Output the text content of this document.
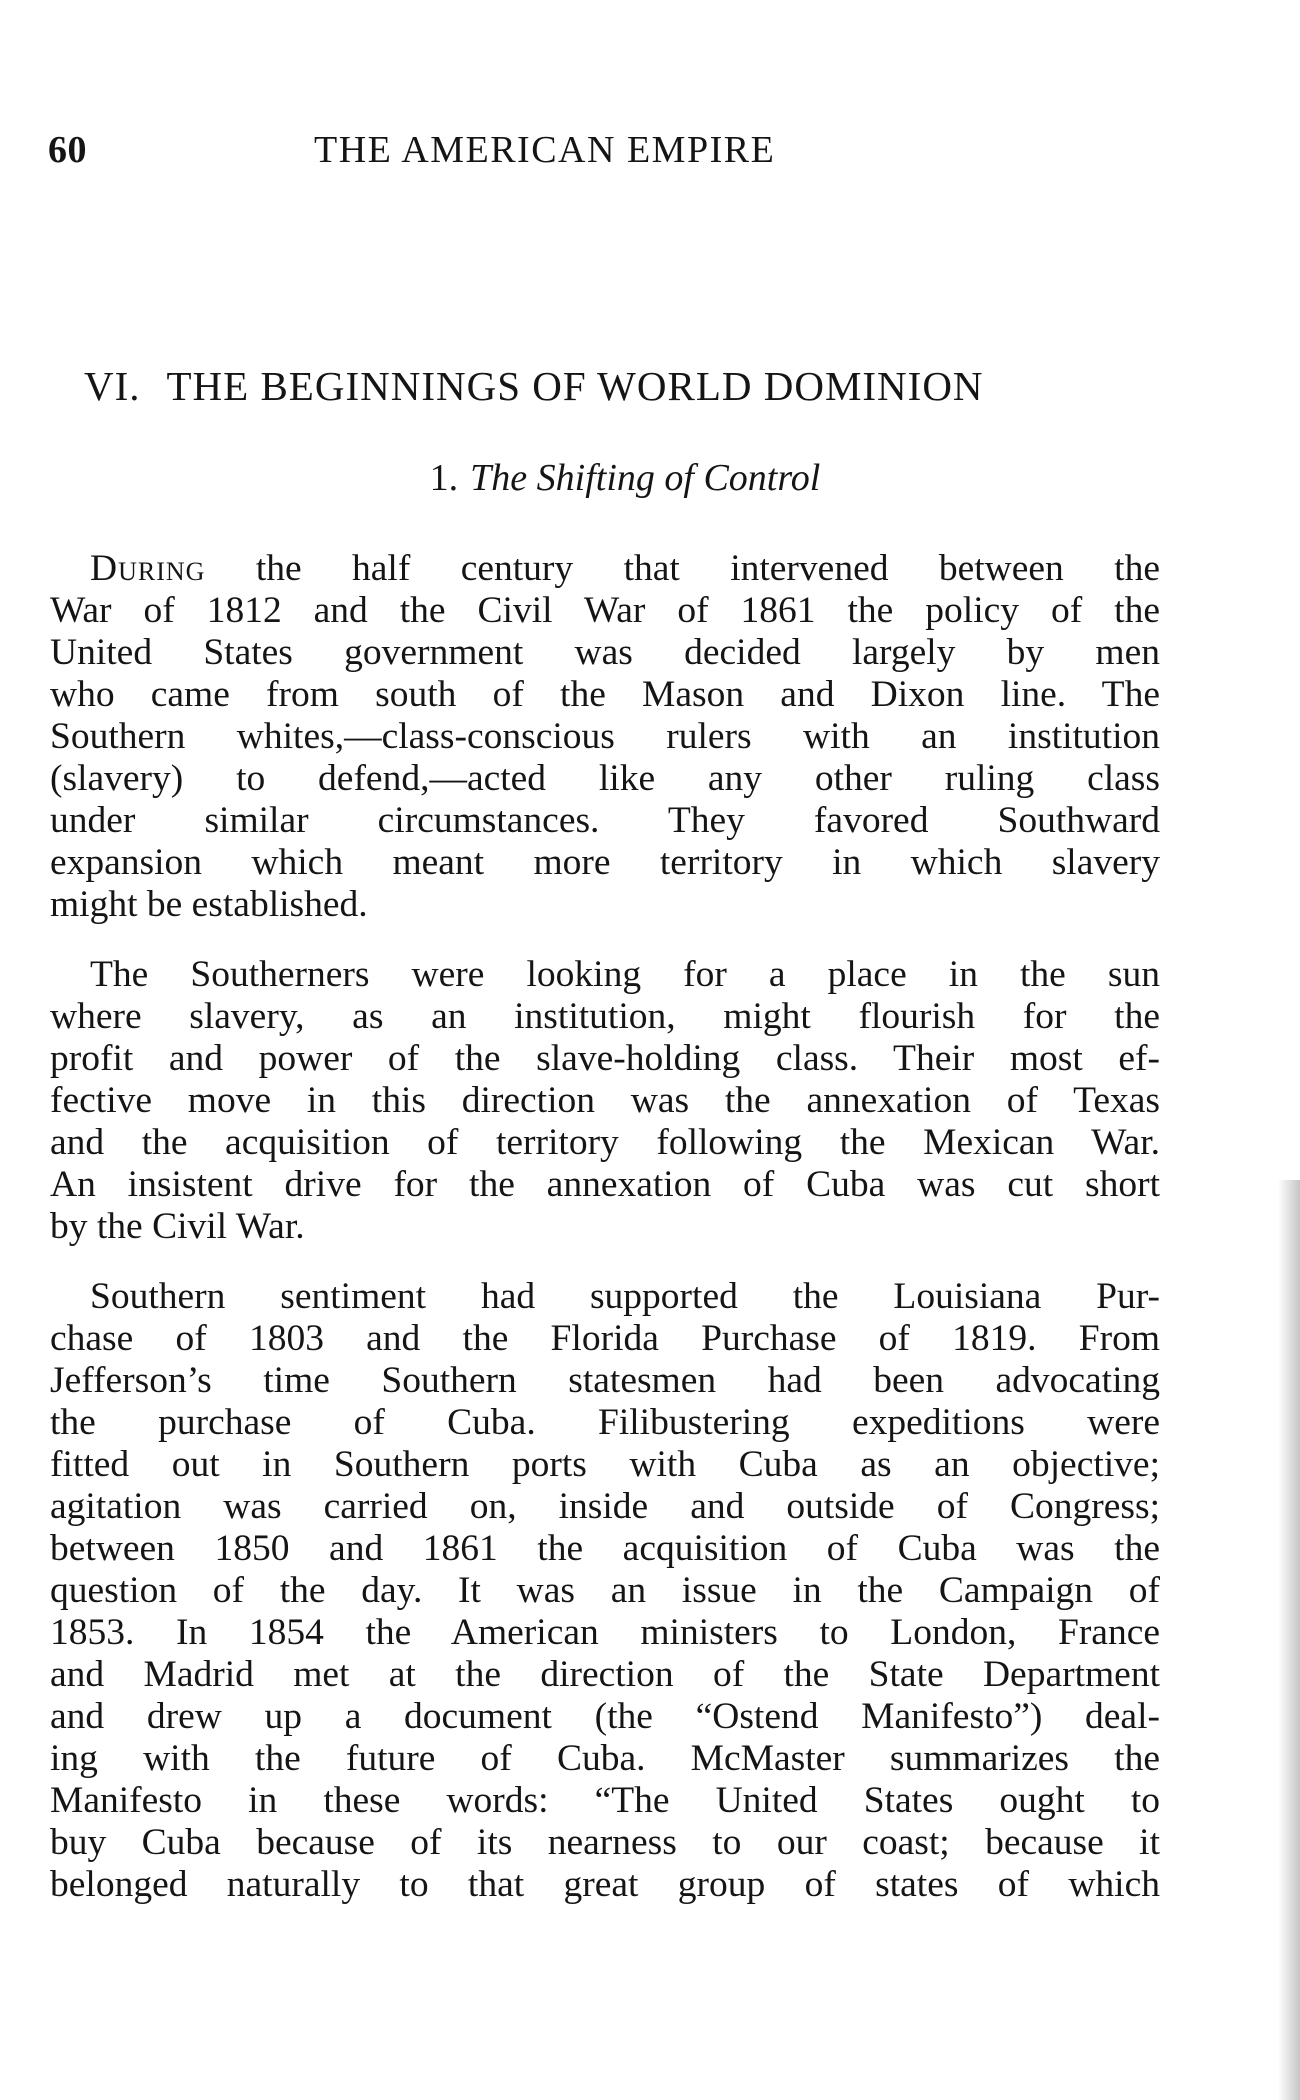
60	THE AMERICAN EMPIRE
VI. THE BEGINNINGS OF WORLD DOMINION
1. The Shifting of Control
During the half century that intervened between the
War of 1812 and the Civil War of 1861 the policy of the
United States government was decided largely by men
who came from south of the Mason and Dixon line. The
Southern whites,—class-conscious rulers with an institution
(slavery) to defend,—acted like any other ruling class
under similar circumstances. They favored Southward
expansion which meant more territory in which slavery
might be established.
The Southerners were looking for a place in the sun
where slavery, as an institution, might flourish for the
profit and power of the slave-holding class. Their most ef-
fective move in this direction was the annexation of Texas
and the acquisition of territory following the Mexican War.
An insistent drive for the annexation of Cuba was cut short
by the Civil War.
Southern sentiment had supported the Louisiana Pur-
chase of 1803 and the Florida Purchase of 1819. From
Jefferson’s time Southern statesmen had been advocating
the purchase of Cuba. Filibustering expeditions were
fitted out in Southern ports with Cuba as an objective;
agitation was carried on, inside and outside of Congress;
between 1850 and 1861 the acquisition of Cuba was the
question of the day. It was an issue in the Campaign of
1853. In 1854 the American ministers to London, France
and Madrid met at the direction of the State Department
and drew up a document (the “Ostend Manifesto”) deal-
ing with the future of Cuba. McMaster summarizes the
Manifesto in these words: “The United States ought to
buy Cuba because of its nearness to our coast; because it
belonged naturally to that great group of states of which
